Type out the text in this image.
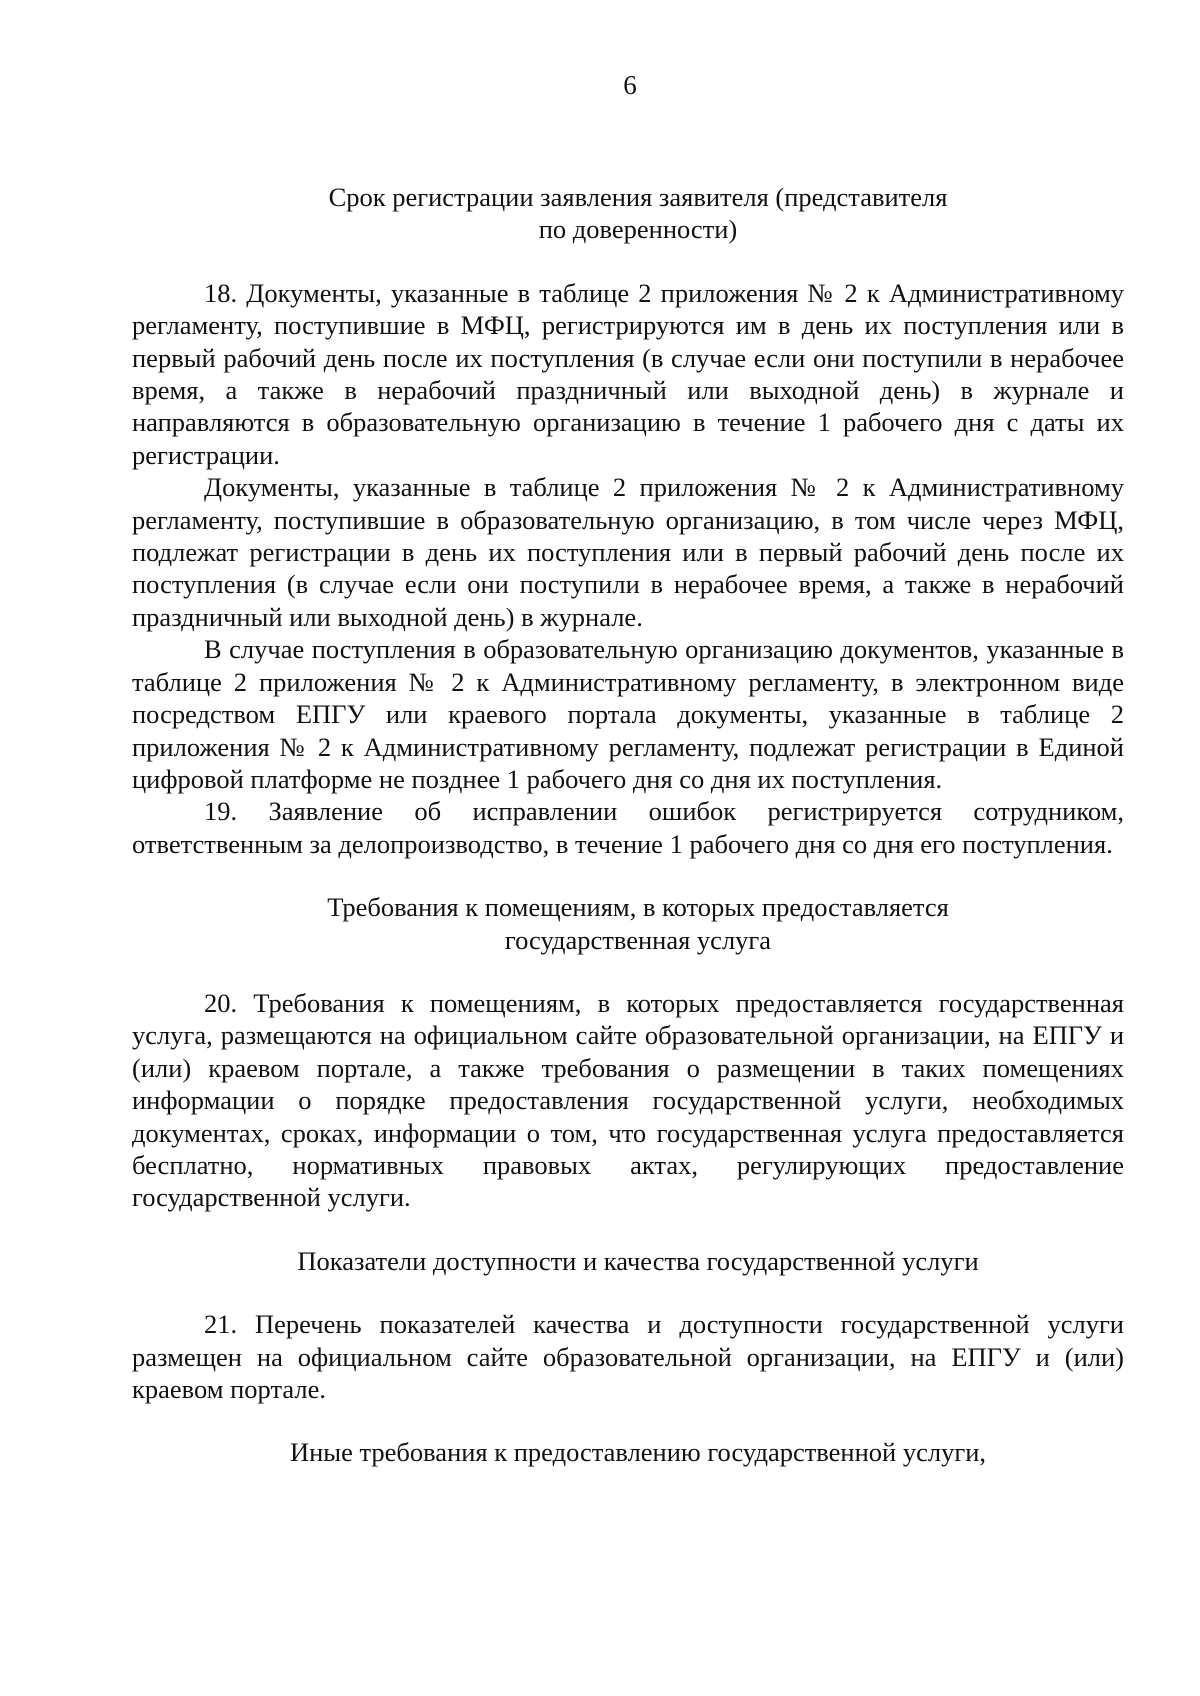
6
Срок регистрации заявления заявителя (представителя
по доверенности)

18. Документы, указанные в таблице 2 приложения № 2 к Административному регламенту, поступившие в МФЦ, регистрируются им в день их поступления или в первый рабочий день после их поступления (в случае если они поступили в нерабочее время, а также в нерабочий праздничный или выходной день) в журнале и направляются в образовательную организацию в течение 1 рабочего дня с даты их регистрации.

Документы, указанные в таблице 2 приложения № 2 к Административному регламенту, поступившие в образовательную организацию, в том числе через МФЦ, подлежат регистрации в день их поступления или в первый рабочий день после их поступления (в случае если они поступили в нерабочее время, а также в нерабочий праздничный или выходной день) в журнале.

В случае поступления в образовательную организацию документов, указанные в таблице 2 приложения № 2 к Административному регламенту, в электронном виде посредством ЕПГУ или краевого портала документы, указанные в таблице 2 приложения № 2 к Административному регламенту, подлежат регистрации в Единой цифровой платформе не позднее 1 рабочего дня со дня их поступления.

19. Заявление об исправлении ошибок регистрируется сотрудником, ответственным за делопроизводство, в течение 1 рабочего дня со дня его поступления.

Требования к помещениям, в которых предоставляется
государственная услуга

20. Требования к помещениям, в которых предоставляется государственная услуга, размещаются на официальном сайте образовательной организации, на ЕПГУ и (или) краевом портале, а также требования о размещении в таких помещениях информации о порядке предоставления государственной услуги, необходимых документах, сроках, информации о том, что государственная услуга предоставляется бесплатно, нормативных правовых актах, регулирующих предоставление государственной услуги.

Показатели доступности и качества государственной услуги

21. Перечень показателей качества и доступности государственной услуги размещен на официальном сайте образовательной организации, на ЕПГУ и (или) краевом портале.

Иные требования к предоставлению государственной услуги,
